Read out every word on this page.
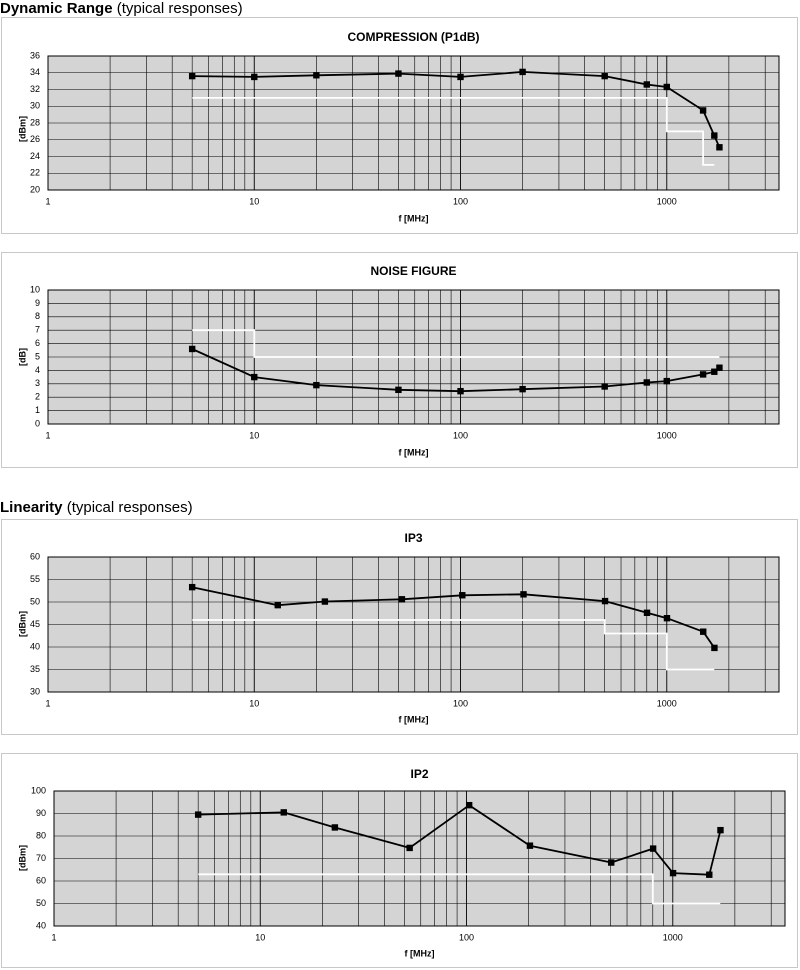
Dynamic Range (typical responses)
COMPRESSION (P1dB)
20
22
24
26
28
30
32
34
36
1	10	100	1000
f [MHz]
[dBm]
NOISE FIGURE
0
1
2
3
4
5
6
7
8
9
10
1	10	100	1000
f [MHz]
[dB]
Linearity (typical responses)
IP3
30
35
40
45
50
55
60
1	10	100	1000
f [MHz]
[dBm]
IP2
40
50
60
70
80
90
100
1	10	100	1000
f [MHz]
[dBm]
